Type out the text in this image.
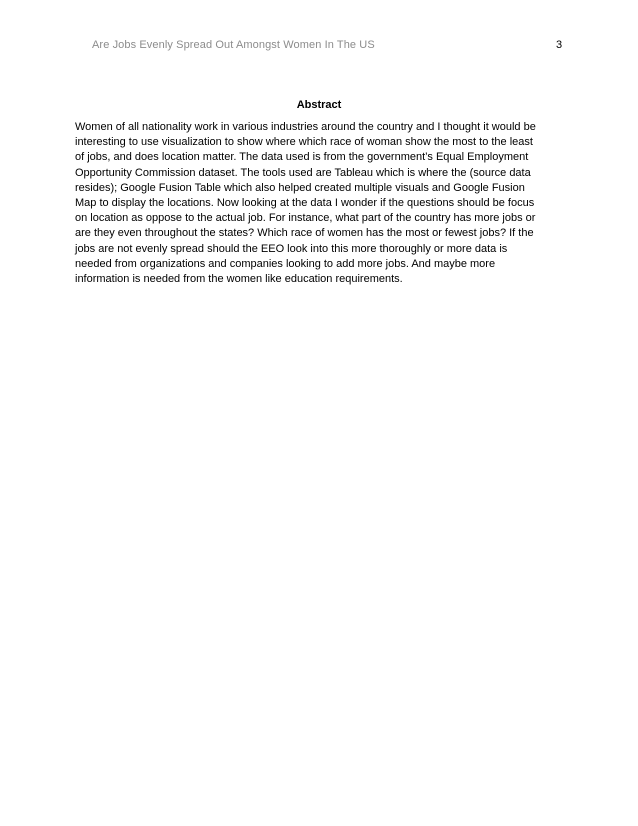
Are Jobs Evenly Spread Out Amongst Women In The US	3
Abstract

Women of all nationality work in various industries around the country and I thought it would be
interesting to use visualization to show where which race of woman show the most to the least
of jobs, and does location matter. The data used is from the government’s Equal Employment
Opportunity Commission dataset. The tools used are Tableau which is where the (source data
resides); Google Fusion Table which also helped created multiple visuals and Google Fusion
Map to display the locations. Now looking at the data I wonder if the questions should be focus
on location as oppose to the actual job. For instance, what part of the country has more jobs or
are they even throughout the states? Which race of women has the most or fewest jobs? If the
jobs are not evenly spread should the EEO look into this more thoroughly or more data is
needed from organizations and companies looking to add more jobs. And maybe more
information is needed from the women like education requirements.
